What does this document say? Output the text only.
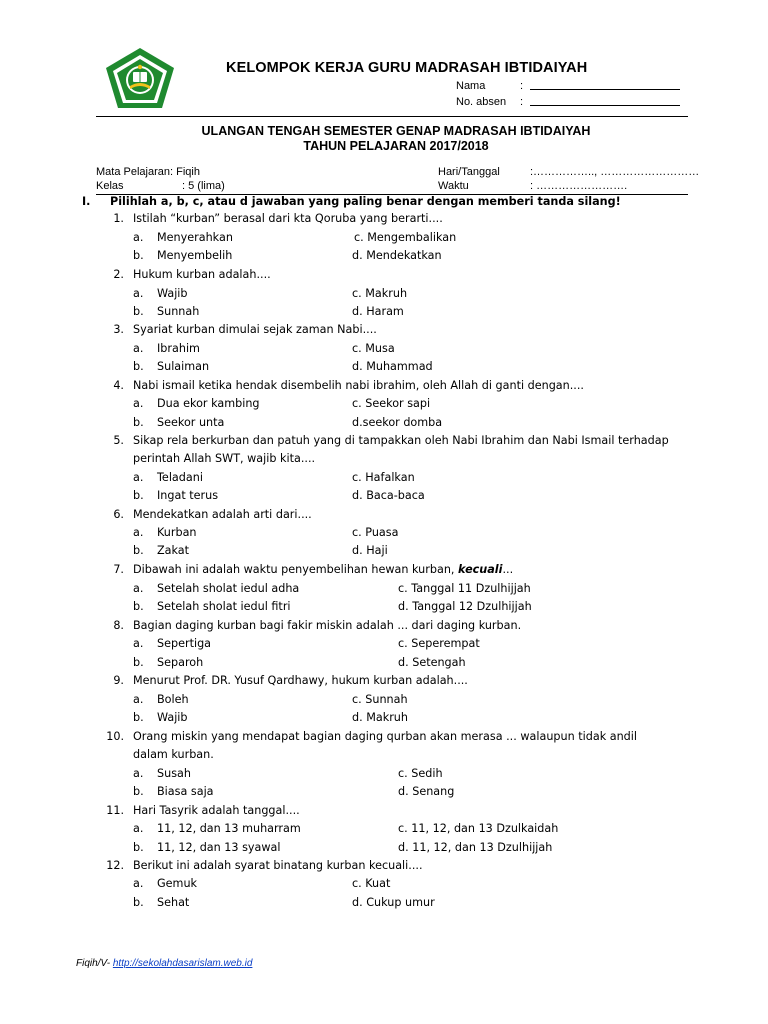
KELOMPOK KERJA GURU MADRASAH IBTIDAIYAH
Nama	:
No. absen :
ULANGAN TENGAH SEMESTER GENAP MADRASAH IBTIDAIYAH
TAHUN PELAJARAN 2017/2018
Mata Pelajaran: Fiqih
Kelas	: 5 (lima)
Hari/Tanggal	:…………….., ………………………
Waktu	: …………………….
I. Pilihlah a, b, c, atau d jawaban yang paling benar dengan memberi tanda silang!
1. Istilah “kurban” berasal dari kta Qoruba yang berarti....
a. Menyerahkan
b. Menyembelih
c. Mengembalikan
d. Mendekatkan
2. Hukum kurban adalah....
a. Wajib
b. Sunnah
c. Makruh
d. Haram
3. Syariat kurban dimulai sejak zaman Nabi....
a. Ibrahim
b. Sulaiman
c. Musa
d. Muhammad
4. Nabi ismail ketika hendak disembelih nabi ibrahim, oleh Allah di ganti dengan....
a. Dua ekor kambing
b. Seekor unta
c. Seekor sapi
d.seekor domba
5. Sikap rela berkurban dan patuh yang di tampakkan oleh Nabi Ibrahim dan Nabi Ismail terhadap
perintah Allah SWT, wajib kita....
a. Teladani
b. Ingat terus
c. Hafalkan
d. Baca-baca
6. Mendekatkan adalah arti dari....
a. Kurban
b. Zakat
c. Puasa
d. Haji
7. Dibawah ini adalah waktu penyembelihan hewan kurban, kecuali...
a. Setelah sholat iedul adha
b. Setelah sholat iedul fitri
c. Tanggal 11 Dzulhijjah
d. Tanggal 12 Dzulhijjah
8. Bagian daging kurban bagi fakir miskin adalah ... dari daging kurban.
a. Sepertiga
b. Separoh
c. Seperempat
d. Setengah
9. Menurut Prof. DR. Yusuf Qardhawy, hukum kurban adalah....
a. Boleh
b. Wajib
c. Sunnah
d. Makruh
10. Orang miskin yang mendapat bagian daging qurban akan merasa ... walaupun tidak andil
dalam kurban.
a. Susah
b. Biasa saja
c. Sedih
d. Senang
11. Hari Tasyrik adalah tanggal....
a. 11, 12, dan 13 muharram
b. 11, 12, dan 13 syawal
c. 11, 12, dan 13 Dzulkaidah
d. 11, 12, dan 13 Dzulhijjah
12. Berikut ini adalah syarat binatang kurban kecuali....
a. Gemuk
b. Sehat
c. Kuat
d. Cukup umur
Fiqih/V- http://sekolahdasarislam.web.id
